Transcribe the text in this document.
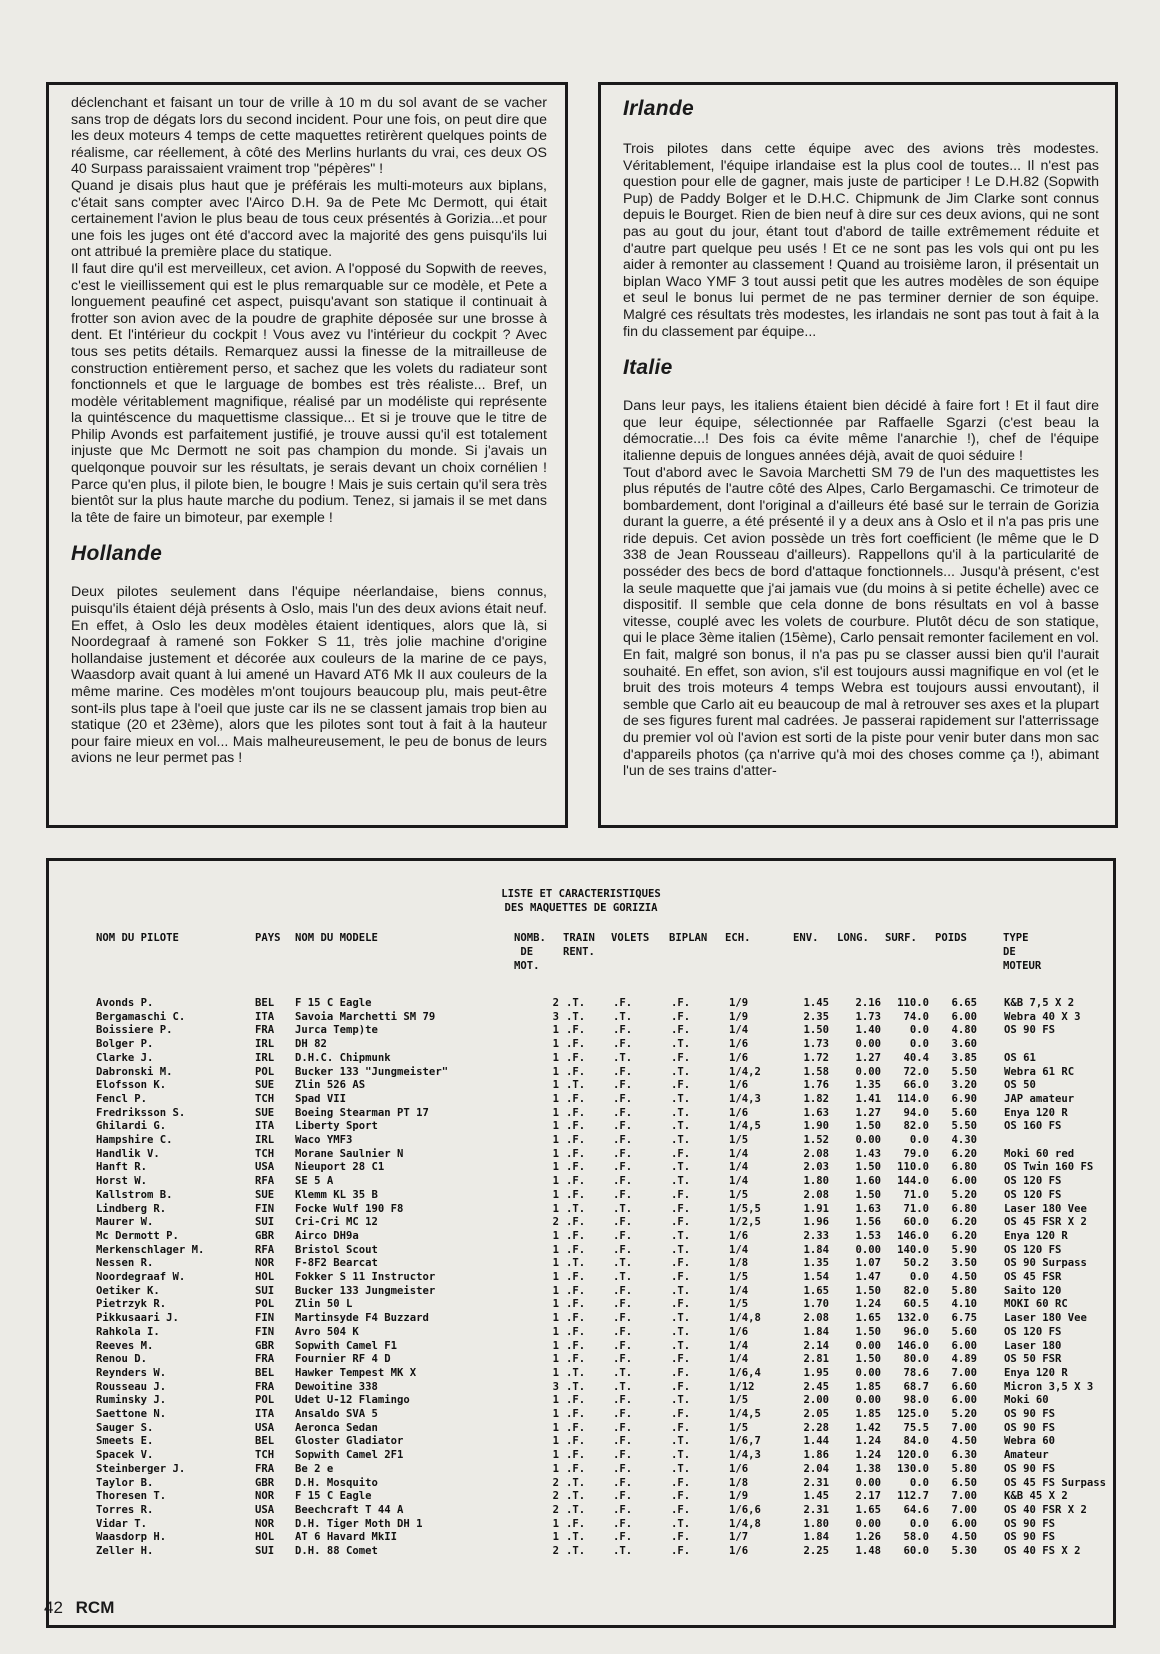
déclenchant et faisant un tour de vrille à 10 m du sol avant de se vacher sans trop de dégats lors du second incident. Pour une fois, on peut dire que les deux moteurs 4 temps de cette maquettes retirèrent quelques points de réalisme, car réellement, à côté des Merlins hurlants du vrai, ces deux OS 40 Surpass paraissaient vraiment trop "pépères" !

Quand je disais plus haut que je préférais les multi-moteurs aux biplans, c'était sans compter avec l'Airco D.H. 9a de Pete Mc Dermott, qui était certainement l'avion le plus beau de tous ceux présentés à Gorizia...et pour une fois les juges ont été d'accord avec la majorité des gens puisqu'ils lui ont attribué la première place du statique.

Il faut dire qu'il est merveilleux, cet avion. A l'opposé du Sopwith de reeves, c'est le vieillissement qui est le plus remarquable sur ce modèle, et Pete a longuement peaufiné cet aspect, puisqu'avant son statique il continuait à frotter son avion avec de la poudre de graphite déposée sur une brosse à dent. Et l'intérieur du cockpit ! Vous avez vu l'intérieur du cockpit ? Avec tous ses petits détails. Remarquez aussi la finesse de la mitrailleuse de construction entièrement perso, et sachez que les volets du radiateur sont fonctionnels et que le larguage de bombes est très réaliste... Bref, un modèle véritablement magnifique, réalisé par un modéliste qui représente la quintéscence du maquettisme classique... Et si je trouve que le titre de Philip Avonds est parfaitement justifié, je trouve aussi qu'il est totalement injuste que Mc Dermott ne soit pas champion du monde. Si j'avais un quelqonque pouvoir sur les résultats, je serais devant un choix cornélien ! Parce qu'en plus, il pilote bien, le bougre ! Mais je suis certain qu'il sera très bientôt sur la plus haute marche du podium. Tenez, si jamais il se met dans la tête de faire un bimoteur, par exemple !

Hollande

Deux pilotes seulement dans l'équipe néerlandaise, biens connus, puisqu'ils étaient déjà présents à Oslo, mais l'un des deux avions était neuf. En effet, à Oslo les deux modèles étaient identiques, alors que là, si Noordegraaf à ramené son Fokker S 11, très jolie machine d'origine hollandaise justement et décorée aux couleurs de la marine de ce pays, Waasdorp avait quant à lui amené un Havard AT6 Mk II aux couleurs de la même marine. Ces modèles m'ont toujours beaucoup plu, mais peut-être sont-ils plus tape à l'oeil que juste car ils ne se classent jamais trop bien au statique (20 et 23ème), alors que les pilotes sont tout à fait à la hauteur pour faire mieux en vol... Mais malheureusement, le peu de bonus de leurs avions ne leur permet pas !

Irlande

Trois pilotes dans cette équipe avec des avions très modestes. Véritablement, l'équipe irlandaise est la plus cool de toutes... Il n'est pas question pour elle de gagner, mais juste de participer ! Le D.H.82 (Sopwith Pup) de Paddy Bolger et le D.H.C. Chipmunk de Jim Clarke sont connus depuis le Bourget. Rien de bien neuf à dire sur ces deux avions, qui ne sont pas au gout du jour, étant tout d'abord de taille extrêmement réduite et d'autre part quelque peu usés ! Et ce ne sont pas les vols qui ont pu les aider à remonter au classement ! Quand au troisième laron, il présentait un biplan Waco YMF 3 tout aussi petit que les autres modèles de son équipe et seul le bonus lui permet de ne pas terminer dernier de son équipe. Malgré ces résultats très modestes, les irlandais ne sont pas tout à fait à la fin du classement par équipe...

Italie

Dans leur pays, les italiens étaient bien décidé à faire fort ! Et il faut dire que leur équipe, sélectionnée par Raffaelle Sgarzi (c'est beau la démocratie...! Des fois ca évite même l'anarchie !), chef de l'équipe italienne depuis de longues années déjà, avait de quoi séduire !

Tout d'abord avec le Savoia Marchetti SM 79 de l'un des maquettistes les plus réputés de l'autre côté des Alpes, Carlo Bergamaschi. Ce trimoteur de bombardement, dont l'original a d'ailleurs été basé sur le terrain de Gorizia durant la guerre, a été présenté il y a deux ans à Oslo et il n'a pas pris une ride depuis. Cet avion possède un très fort coefficient (le même que le D 338 de Jean Rousseau d'ailleurs). Rappellons qu'il à la particularité de posséder des becs de bord d'attaque fonctionnels... Jusqu'à présent, c'est la seule maquette que j'ai jamais vue (du moins à si petite échelle) avec ce dispositif. Il semble que cela donne de bons résultats en vol à basse vitesse, couplé avec les volets de courbure. Plutôt décu de son statique, qui le place 3ème italien (15ème), Carlo pensait remonter facilement en vol. En fait, malgré son bonus, il n'a pas pu se classer aussi bien qu'il l'aurait souhaité. En effet, son avion, s'il est toujours aussi magnifique en vol (et le bruit des trois moteurs 4 temps Webra est toujours aussi envoutant), il semble que Carlo ait eu beaucoup de mal à retrouver ses axes et la plupart de ses figures furent mal cadrées. Je passerai rapidement sur l'atterrissage du premier vol où l'avion est sorti de la piste pour venir buter dans mon sac d'appareils photos (ça n'arrive qu'à moi des choses comme ça !), abimant l'un de ses trains d'atter-

LISTE ET CARACTERISTIQUES
DES MAQUETTES DE GORIZIA
NOM DU PILOTE	PAYS NOM DU MODELE	NOMB.
DE
MOT.
TRAIN
RENT.
VOLETS BIPLAN ECH.	ENV. LONG. SURF. POIDS	TYPE
DE
MOTEUR
Avonds P.	BEL F 15 C Eagle	2 .T.	.F.	.F.	1/9	1.45 2.16 110.0 6.65	K&B 7,5 X 2
Bergamaschi C.	ITA Savoia Marchetti SM 79	3 .T.	.T.	.F.	1/9	2.35 1.73 74.0 6.00	Webra 40 X 3
Boissiere P.	FRA Jurca Temp)te	1 .F.	.F.	.F.	1/4	1.50 1.40	0.0 4.80	OS 90 FS
Bolger P.	IRL DH 82	1 .F.	.F.	.T.	1/6	1.73 0.00	0.0 3.60
Clarke J.	IRL D.H.C. Chipmunk	1 .F.	.T.	.F.	1/6	1.72 1.27 40.4 3.85	OS 61
Dabronski M.	POL Bucker 133 "Jungmeister"	1 .F.	.F.	.T.	1/4,2	1.58 0.00 72.0 5.50	Webra 61 RC
Elofsson K.	SUE Zlin 526 AS	1 .T.	.F.	.F.	1/6	1.76 1.35 66.0 3.20	OS 50
Fencl P.	TCH Spad VII	1 .F.	.F.	.T.	1/4,3	1.82 1.41 114.0 6.90	JAP amateur
Fredriksson S.	SUE Boeing Stearman PT 17	1 .F.	.F.	.T.	1/6	1.63 1.27 94.0 5.60	Enya 120 R
Ghilardi G.	ITA Liberty Sport	1 .F.	.F.	.T.	1/4,5	1.90 1.50 82.0 5.50	OS 160 FS
Hampshire C.	IRL Waco YMF3	1 .F.	.F.	.T.	1/5	1.52 0.00	0.0 4.30
Handlik V.	TCH Morane Saulnier N	1 .F.	.F.	.F.	1/4	2.08 1.43 79.0 6.20	Moki 60 red
Hanft R.	USA Nieuport 28 C1	1 .F.	.F.	.T.	1/4	2.03 1.50 110.0 6.80	OS Twin 160 FS
Horst W.	RFA SE 5 A	1 .F.	.F.	.T.	1/4	1.80 1.60 144.0 6.00	OS 120 FS
Kallstrom B.	SUE Klemm KL 35 B	1 .F.	.F.	.F.	1/5	2.08 1.50 71.0 5.20	OS 120 FS
Lindberg R.	FIN Focke Wulf 190 F8	1 .T.	.T.	.F.	1/5,5	1.91 1.63 71.0 6.80	Laser 180 Vee
Maurer W.	SUI Cri-Cri MC 12	2 .F.	.F.	.F.	1/2,5	1.96 1.56 60.0 6.20	OS 45 FSR X 2
Mc Dermott P.	GBR Airco DH9a	1 .F.	.F.	.T.	1/6	2.33 1.53 146.0 6.20	Enya 120 R
Merkenschlager M.	RFA Bristol Scout	1 .F.	.F.	.T.	1/4	1.84 0.00 140.0 5.90	OS 120 FS
Nessen R.	NOR F-8F2 Bearcat	1 .T.	.T.	.F.	1/8	1.35 1.07 50.2 3.50	OS 90 Surpass
Noordegraaf W.	HOL Fokker S 11 Instructor	1 .F.	.T.	.F.	1/5	1.54 1.47	0.0 4.50	OS 45 FSR
Oetiker K.	SUI Bucker 133 Jungmeister	1 .F.	.F.	.T.	1/4	1.65 1.50 82.0 5.80	Saito 120
Pietrzyk R.	POL Zlin 50 L	1 .F.	.F.	.F.	1/5	1.70 1.24 60.5 4.10	MOKI 60 RC
Pikkusaari J.	FIN Martinsyde F4 Buzzard	1 .F.	.F.	.T.	1/4,8	2.08 1.65 132.0 6.75	Laser 180 Vee
Rahkola I.	FIN Avro 504 K	1 .F.	.F.	.T.	1/6	1.84 1.50 96.0 5.60	OS 120 FS
Reeves M.	GBR Sopwith Camel F1	1 .F.	.F.	.T.	1/4	2.14 0.00 146.0 6.00	Laser 180
Renou D.	FRA Fournier RF 4 D	1 .F.	.F.	.F.	1/4	2.81 1.50 80.0 4.89	OS 50 FSR
Reynders W.	BEL Hawker Tempest MK X	1 .T.	.T.	.F.	1/6,4	1.95 0.00 78.6 7.00	Enya 120 R
Rousseau J.	FRA Dewoitine 338	3 .T.	.T.	.F.	1/12	2.45 1.85 68.7 6.60	Micron 3,5 X 3
Ruminsky J.	POL Udet U-12 Flamingo	1 .F.	.F.	.T.	1/5	2.00 0.00 98.0 6.00	Moki 60
Saettone N.	ITA Ansaldo SVA 5	1 .F.	.F.	.F.	1/4,5	2.05 1.85 125.0 5.20	OS 90 FS
Sauger S.	USA Aeronca Sedan	1 .F.	.F.	.F.	1/5	2.28 1.42 75.5 7.00	OS 90 FS
Smeets E.	BEL Gloster Gladiator	1 .F.	.F.	.T.	1/6,7	1.44 1.24 84.0 4.50	Webra 60
Spacek V.	TCH Sopwith Camel 2F1	1 .F.	.F.	.T.	1/4,3	1.86 1.24 120.0 6.30	Amateur
Steinberger J.	FRA Be 2 e	1 .F.	.F.	.T.	1/6	2.04 1.38 130.0 5.80	OS 90 FS
Taylor B.	GBR D.H. Mosquito	2 .T.	.F.	.F.	1/8	2.31 0.00	0.0 6.50	OS 45 FS Surpass
Thoresen T.	NOR F 15 C Eagle	2 .T.	.F.	.F.	1/9	1.45 2.17 112.7 7.00	K&B 45 X 2
Torres R.	USA Beechcraft T 44 A	2 .T.	.F.	.F.	1/6,6	2.31 1.65 64.6 7.00	OS 40 FSR X 2
Vidar T.	NOR D.H. Tiger Moth DH 1	1 .F.	.F.	.T.	1/4,8	1.80 0.00	0.0 6.00	OS 90 FS
Waasdorp H.	HOL AT 6 Havard MkII	1 .T.	.F.	.F.	1/7	1.84 1.26 58.0 4.50	OS 90 FS
Zeller H.	SUI D.H. 88 Comet	2 .T.	.T.	.F.	1/6	2.25 1.48 60.0 5.30	OS 40 FS X 2
42 RCM
